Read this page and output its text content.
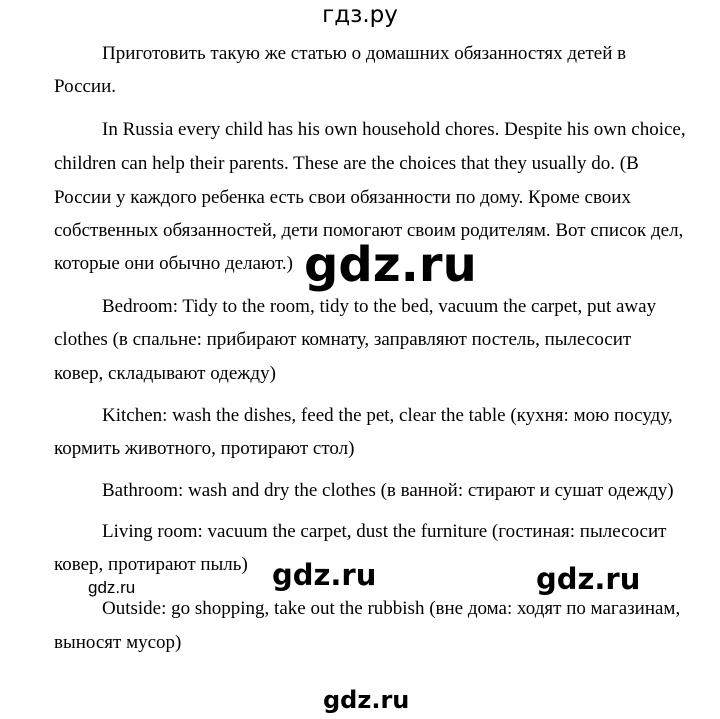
гдз.ру
Приготовить такую же статью о домашних обязанностях детей в
России.
In Russia every child has his own household chores. Despite his own choice,
children can help their parents. These are the choices that they usually do. (В
России у каждого ребенка есть свои обязанности по дому. Кроме своих
собственных обязанностей, дети помогают своим родителям. Вот список дел,
которые они обычно делают.)
Bedroom: Tidy to the room, tidy to the bed, vacuum the carpet, put away
clothes (в спальне: прибирают комнату, заправляют постель, пылесосит
ковер, складывают одежду)
Kitchen: wash the dishes, feed the pet, clear the table (кухня: мою посуду,
кормить животного, протирают стол)
Bathroom: wash and dry the clothes (в ванной: стирают и сушат одежду)
Living room: vacuum the carpet, dust the furniture (гостиная: пылесосит
ковер, протирают пыль)
Outside: go shopping, take out the rubbish (вне дома: ходят по магазинам,
выносят мусор)
gdz.ru
gdz.ru	gdz.ru	gdz.ru
gdz.ru
